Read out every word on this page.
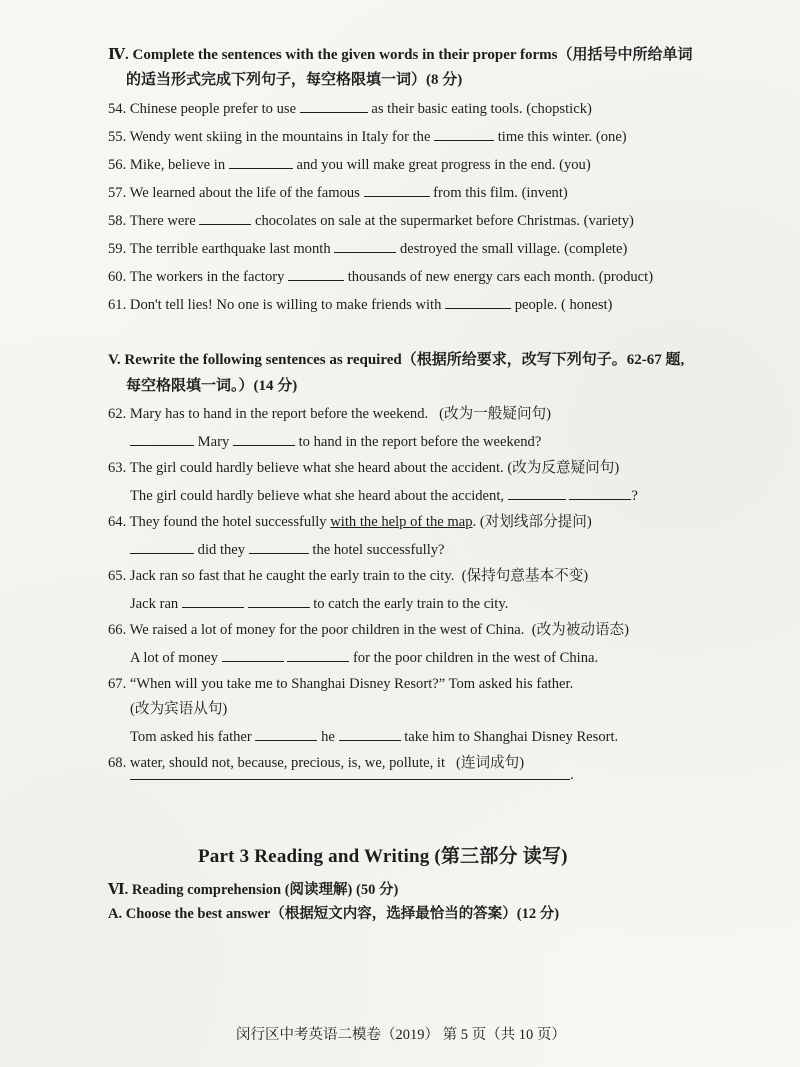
Ⅳ. Complete the sentences with the given words in their proper forms（用括号中所给单词
的适当形式完成下列句子，每空格限填一词）(8 分)
54. Chinese people prefer to use	as their basic eating tools. (chopstick)
55. Wendy went skiing in the mountains in Italy for the	time this winter. (one)
56. Mike, believe in	and you will make great progress in the end. (you)
57. We learned about the life of the famous	from this film. (invent)
58. There were	chocolates on sale at the supermarket before Christmas. (variety)
59. The terrible earthquake last month	destroyed the small village. (complete)
60. The workers in the factory	thousands of new energy cars each month. (product)
61. Don't tell lies! No one is willing to make friends with	people. ( honest)
V. Rewrite the following sentences as required（根据所给要求，改写下列句子。62-67 题,
每空格限填一词。）(14 分)
62. Mary has to hand in the report before the weekend. (改为一般疑问句)
Mary	to hand in the report before the weekend?
63. The girl could hardly believe what she heard about the accident. (改为反意疑问句)
The girl could hardly believe what she heard about the accident,	?
64. They found the hotel successfully with the help of the map. (对划线部分提问)
did they	the hotel successfully?
65. Jack ran so fast that he caught the early train to the city. (保持句意基本不变)
Jack ran	to catch the early train to the city.
66. We raised a lot of money for the poor children in the west of China. (改为被动语态)
A lot of money	for the poor children in the west of China.
67. “When will you take me to Shanghai Disney Resort?” Tom asked his father.
(改为宾语从句)
Tom asked his father	he	take him to Shanghai Disney Resort.
68. water, should not, because, precious, is, we, pollute, it (连词成句)
.
Part 3 Reading and Writing (第三部分 读写)
Ⅵ. Reading comprehension (阅读理解) (50 分)
A. Choose the best answer（根据短文内容，选择最恰当的答案）(12 分)
闵行区中考英语二模卷（2019） 第 5 页（共 10 页）
